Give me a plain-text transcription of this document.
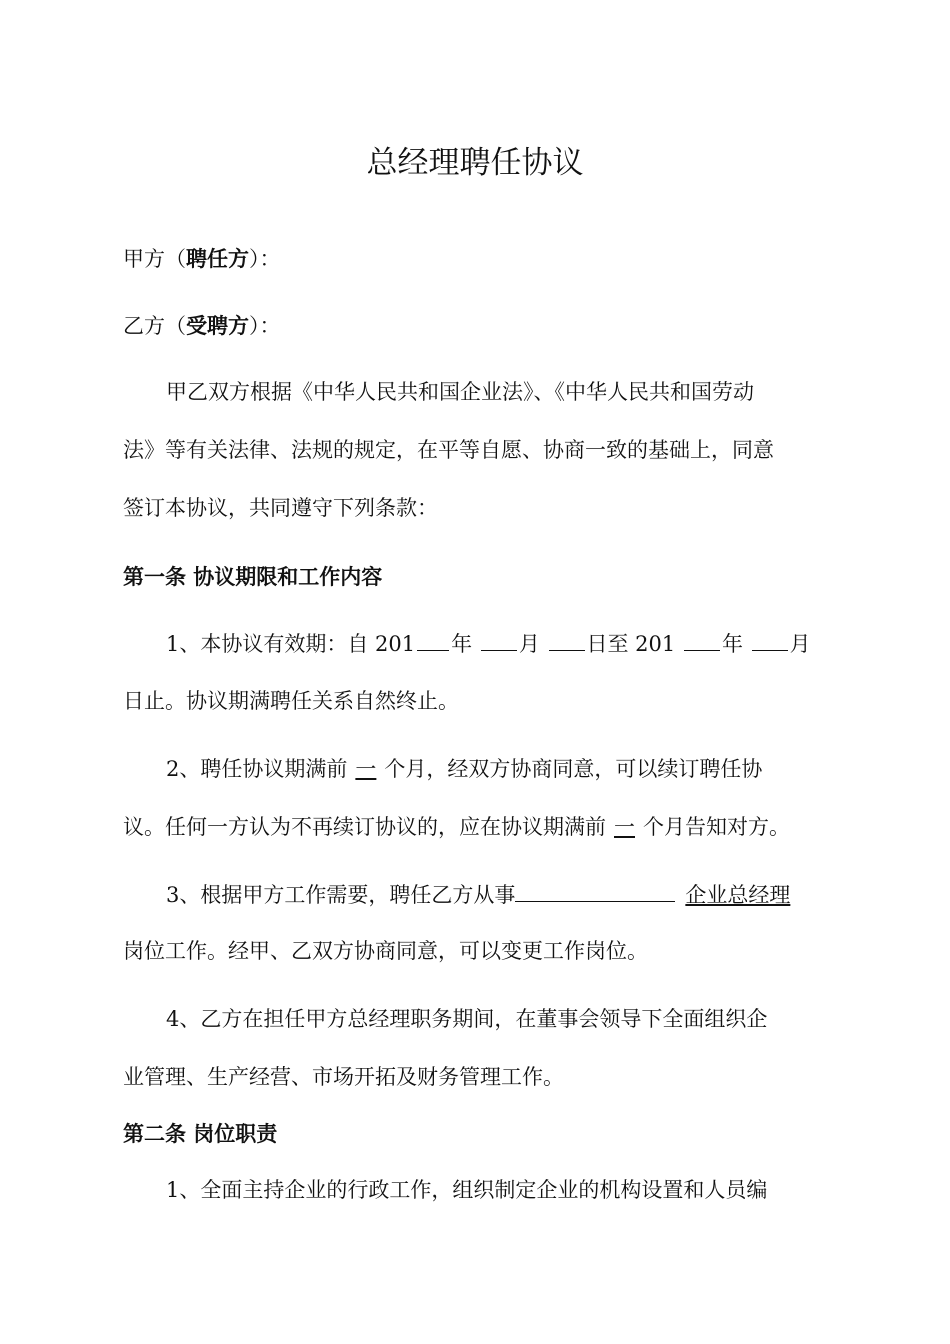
总经理聘任协议
甲方（聘任方）：
乙方（受聘方）：
甲乙双方根据《中华人民共和国企业法》、《中华人民共和国劳动
法》等有关法律、法规的规定，在平等自愿、协商一致的基础上，同意
签订本协议，共同遵守下列条款：
第一条 协议期限和工作内容
1、本协议有效期：自 201 年 月 日至 201 年 月
日止。协议期满聘任关系自然终止。
2、聘任协议期满前 一 个月，经双方协商同意，可以续订聘任协
议。任何一方认为不再续订协议的，应在协议期满前 一 个月告知对方。
3、根据甲方工作需要，聘任乙方从事	企业总经理
岗位工作。经甲、乙双方协商同意，可以变更工作岗位。
4、乙方在担任甲方总经理职务期间，在董事会领导下全面组织企
业管理、生产经营、市场开拓及财务管理工作。
第二条 岗位职责
1、全面主持企业的行政工作，组织制定企业的机构设置和人员编
